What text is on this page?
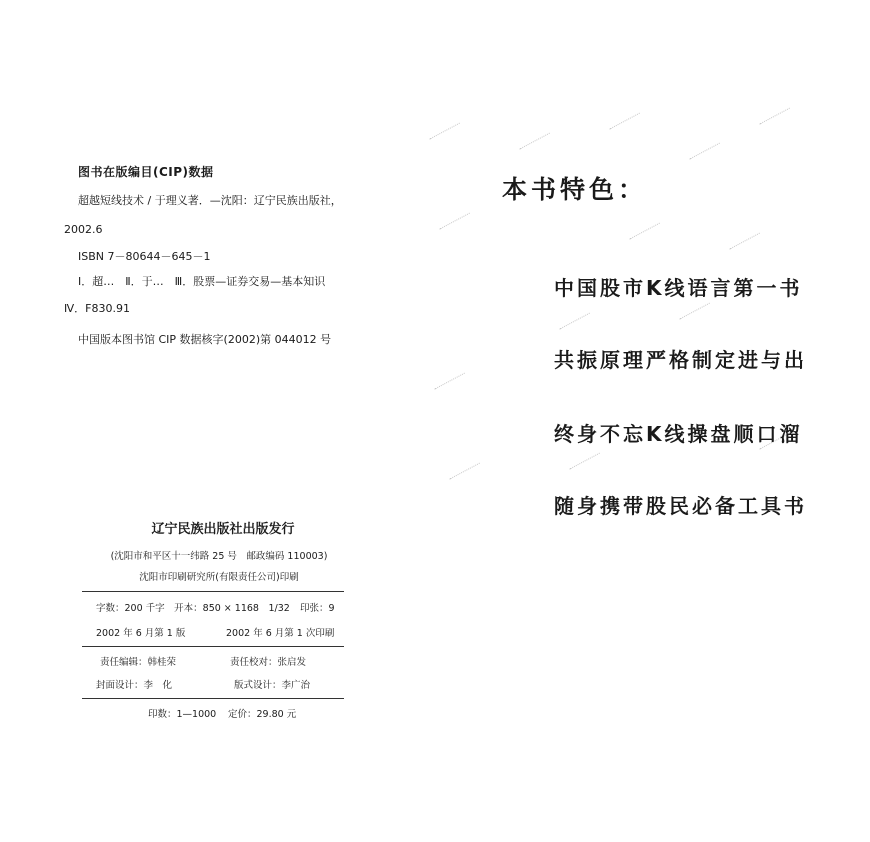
图书在版编目(CIP)数据
超越短线技术 / 于理义著．—沈阳：辽宁民族出版社，
2002.6
ISBN 7－80644－645－1
Ⅰ．超…　Ⅱ．于…　Ⅲ．股票—证券交易—基本知识
Ⅳ．F830.91
中国版本图书馆 CIP 数据核字(2002)第 044012 号
辽宁民族出版社出版发行
(沈阳市和平区十一纬路 25 号　邮政编码 110003)
沈阳市印刷研究所(有限责任公司)印刷
字数：200 千字　开本：850 × 1168　1/32 印张：9
2002 年 6 月第 1 版	2002 年 6 月第 1 次印刷
责任编辑：韩桂荣	责任校对：张启发
封面设计：李　化	版式设计：李广治
印数：1—1000 定价：29.80 元
本书特色：
中国股市K线语言第一书
共振原理严格制定进与出
终身不忘K线操盘顺口溜
随身携带股民必备工具书
